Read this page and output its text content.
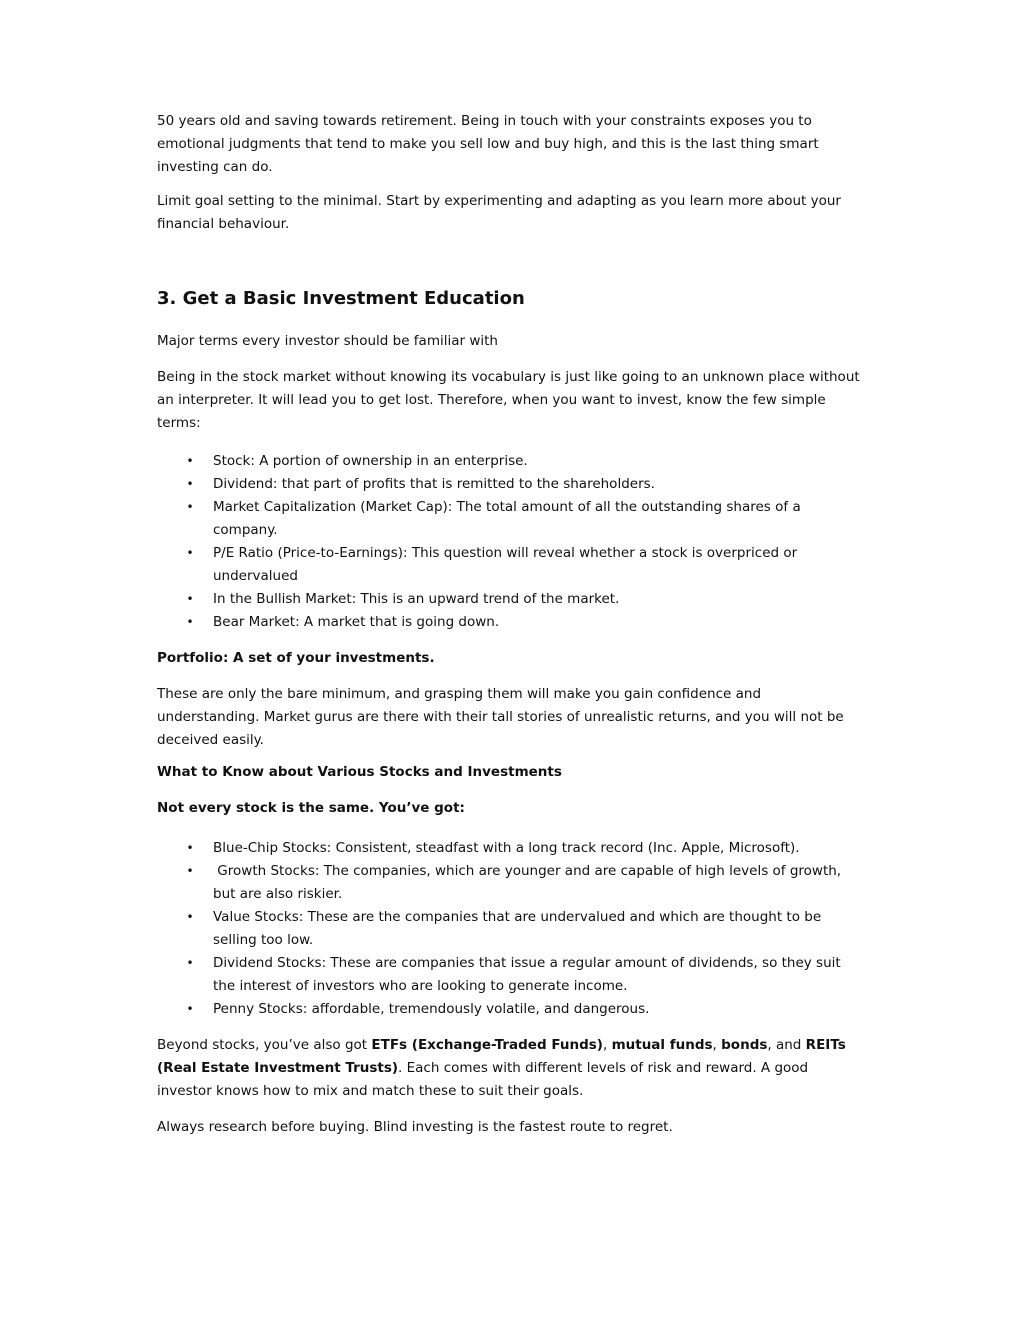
50 years old and saving towards retirement. Being in touch with your constraints exposes you to emotional judgments that tend to make you sell low and buy high, and this is the last thing smart investing can do.

Limit goal setting to the minimal. Start by experimenting and adapting as you learn more about your financial behaviour.

3. Get a Basic Investment Education

Major terms every investor should be familiar with

Being in the stock market without knowing its vocabulary is just like going to an unknown place without an interpreter. It will lead you to get lost. Therefore, when you want to invest, know the few simple terms:

• Stock: A portion of ownership in an enterprise.
• Dividend: that part of profits that is remitted to the shareholders.
• Market Capitalization (Market Cap): The total amount of all the outstanding shares of a company.
• P/E Ratio (Price-to-Earnings): This question will reveal whether a stock is overpriced or undervalued
• In the Bullish Market: This is an upward trend of the market.
• Bear Market: A market that is going down.

Portfolio: A set of your investments.

These are only the bare minimum, and grasping them will make you gain confidence and understanding. Market gurus are there with their tall stories of unrealistic returns, and you will not be deceived easily.

What to Know about Various Stocks and Investments

Not every stock is the same. You’ve got:

• Blue-Chip Stocks: Consistent, steadfast with a long track record (Inc. Apple, Microsoft).
• Growth Stocks: The companies, which are younger and are capable of high levels of growth, but are also riskier.
• Value Stocks: These are the companies that are undervalued and which are thought to be selling too low.
• Dividend Stocks: These are companies that issue a regular amount of dividends, so they suit the interest of investors who are looking to generate income.
• Penny Stocks: affordable, tremendously volatile, and dangerous.

Beyond stocks, you’ve also got ETFs (Exchange-Traded Funds), mutual funds, bonds, and REITs (Real Estate Investment Trusts). Each comes with different levels of risk and reward. A good investor knows how to mix and match these to suit their goals.

Always research before buying. Blind investing is the fastest route to regret.
